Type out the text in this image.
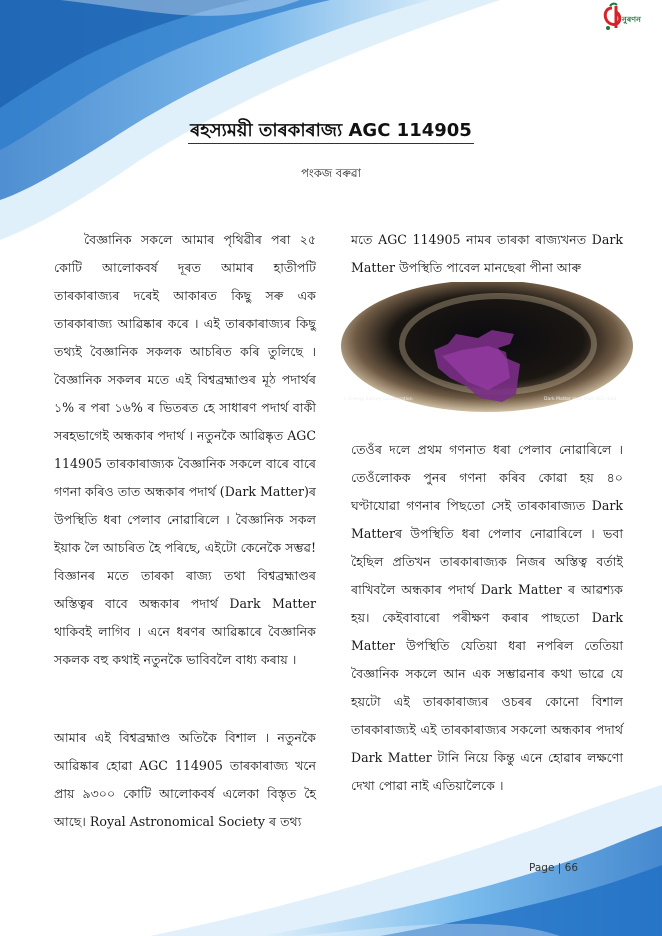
নুৰণন
ৰহস্যময়ী তাৰকাৰাজ্য AGC 114905
পংকজ বৰুৱা

বৈজ্ঞানিক সকলে আমাৰ পৃথিৱীৰ পৰা ২৫ কোটি আলোকবৰ্ষ দূৰত আমাৰ হাতীপটি তাৰকাৰাজ্যৰ দৰেই আকাৰত কিছু সৰু এক তাৰকাৰাজ্য আৱিষ্কাৰ কৰে । এই তাৰকাৰাজ্যৰ কিছু তথ্যই বৈজ্ঞানিক সকলক আচৰিত কৰি তুলিছে । বৈজ্ঞানিক সকলৰ মতে এই বিশ্বব্ৰহ্মাণ্ডৰ মূঠ পদাৰ্থৰ ১% ৰ পৰা ১৬% ৰ ভিতৰত হে সাধাৰণ পদাৰ্থ বাকী সৰহভাগেই অন্ধকাৰ পদাৰ্থ । নতুনকৈ আৱিষ্কৃত AGC 114905 তাৰকাৰাজ্যক বৈজ্ঞানিক সকলে বাৰে বাৰে গণনা কৰিও তাত অন্ধকাৰ পদাৰ্থ (Dark Matter)ৰ উপস্থিতি ধৰা পেলাব নোৱাৰিলে । বৈজ্ঞানিক সকল ইয়াক লৈ আচৰিত হৈ পৰিছে, এইটো কেনেকৈ সম্ভৱ! বিজ্ঞানৰ মতে তাৰকা ৰাজ্য তথা বিশ্বব্ৰহ্মাণ্ডৰ অস্তিত্বৰ বাবে অন্ধকাৰ পদাৰ্থ Dark Matter থাকিবই লাগিব । এনে ধৰণৰ আৱিষ্কাৰে বৈজ্ঞানিক সকলক বহু কথাই নতুনকৈ ভাবিবলৈ বাধ্য কৰায় ।

আমাৰ এই বিশ্বব্ৰহ্মাণ্ড অতিকৈ বিশাল । নতুনকৈ আৱিষ্কাৰ হোৱা AGC 114905 তাৰকাৰাজ্য খনে প্ৰায় ৯৩০০ কোটি আলোকবৰ্ষ এলেকা বিস্তৃত হৈ আছে। Royal Astronomical Society ৰ তথ্য

মতে AGC 114905 নামৰ তাৰকা ৰাজ্যখনত Dark Matter উপস্থিতি পাবেল মানছেৰা পীনা আৰু

n Energy Survey Collaboration	Dark Matter map from DES data

তেওঁৰ দলে প্ৰথম গণনাত ধৰা পেলাব নোৱাৰিলে । তেওঁলোকক পুনৰ গণনা কৰিব কোৱা হয় ৪০ ঘণ্টাযোৱা গণনাৰ পিছতো সেই তাৰকাৰাজ্যত Dark Matterৰ উপস্থিতি ধৰা পেলাব নোৱাৰিলে । ভবা হৈছিল প্ৰতিখন তাৰকাৰাজ্যক নিজৰ অস্তিত্ব বৰ্তাই ৰাখিবলৈ অন্ধকাৰ পদাৰ্থ Dark Matter ৰ আৱশ্যক হয়। কেইবাবাৰো পৰীক্ষণ কৰাৰ পাছতো Dark Matter উপস্থিতি যেতিয়া ধৰা নপৰিল তেতিয়া বৈজ্ঞানিক সকলে আন এক সম্ভাৱনাৰ কথা ভাৱে যে হয়টো এই তাৰকাৰাজ্যৰ ওচৰৰ কোনো বিশাল তাৰকাৰাজ্যই এই তাৰকাৰাজ্যৰ সকলো অন্ধকাৰ পদাৰ্থ Dark Matter টানি নিয়ে কিন্তু এনে হোৱাৰ লক্ষণো দেখা পোৱা নাই এতিয়ালৈকে ।

Page | 66
